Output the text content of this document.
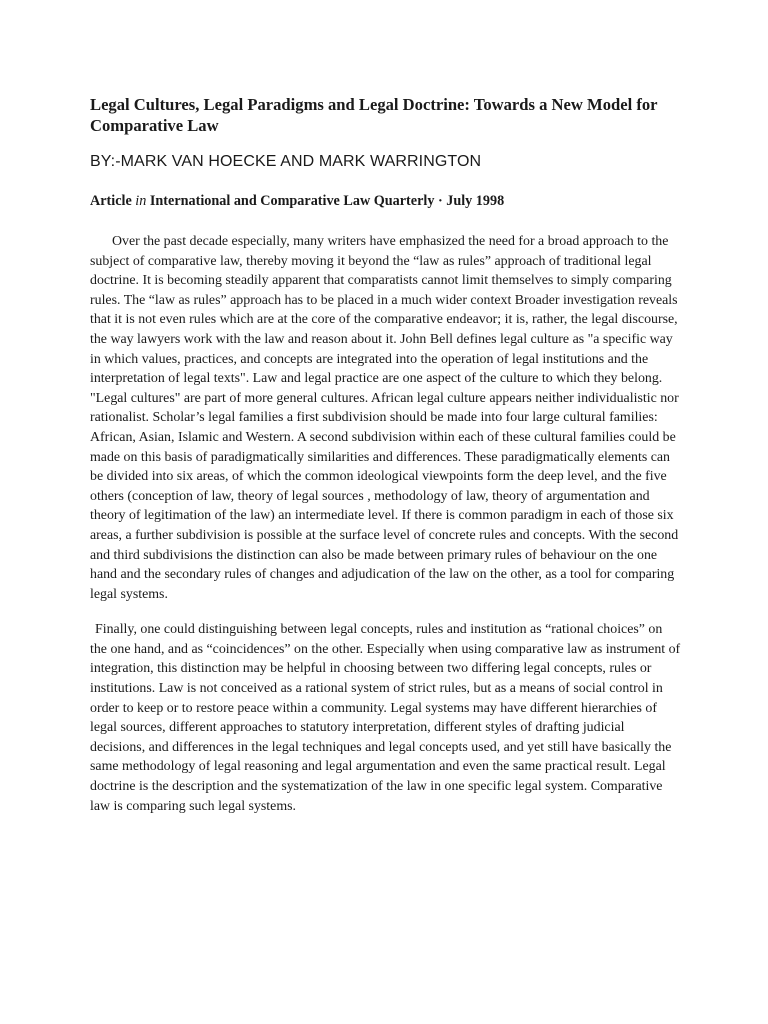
Legal Cultures, Legal Paradigms and Legal Doctrine: Towards a New Model for Comparative Law
BY:-MARK VAN HOECKE AND MARK WARRINGTON
Article in International and Comparative Law Quarterly · July 1998

Over the past decade especially, many writers have emphasized the need for a broad approach to the subject of comparative law, thereby moving it beyond the “law as rules” approach of traditional legal doctrine. It is becoming steadily apparent that comparatists cannot limit themselves to simply comparing rules. The “law as rules” approach has to be placed in a much wider context Broader investigation reveals that it is not even rules which are at the core of the comparative endeavor; it is, rather, the legal discourse, the way lawyers work with the law and reason about it. John Bell defines legal culture as "a specific way in which values, practices, and concepts are integrated into the operation of legal institutions and the interpretation of legal texts". Law and legal practice are one aspect of the culture to which they belong. "Legal cultures" are part of more general cultures. African legal culture appears neither individualistic nor rationalist. Scholar’s legal families a first subdivision should be made into four large cultural families: African, Asian, Islamic and Western. A second subdivision within each of these cultural families could be made on this basis of paradigmatically similarities and differences. These paradigmatically elements can be divided into six areas, of which the common ideological viewpoints form the deep level, and the five others (conception of law, theory of legal sources , methodology of law, theory of argumentation and theory of legitimation of the law) an intermediate level. If there is common paradigm in each of those six areas, a further subdivision is possible at the surface level of concrete rules and concepts. With the second and third subdivisions the distinction can also be made between primary rules of behaviour on the one hand and the secondary rules of changes and adjudication of the law on the other, as a tool for comparing legal systems.

Finally, one could distinguishing between legal concepts, rules and institution as “rational choices” on the one hand, and as “coincidences” on the other. Especially when using comparative law as instrument of integration, this distinction may be helpful in choosing between two differing legal concepts, rules or institutions. Law is not conceived as a rational system of strict rules, but as a means of social control in order to keep or to restore peace within a community. Legal systems may have different hierarchies of legal sources, different approaches to statutory interpretation, different styles of drafting judicial decisions, and differences in the legal techniques and legal concepts used, and yet still have basically the same methodology of legal reasoning and legal argumentation and even the same practical result. Legal doctrine is the description and the systematization of the law in one specific legal system. Comparative law is comparing such legal systems.
